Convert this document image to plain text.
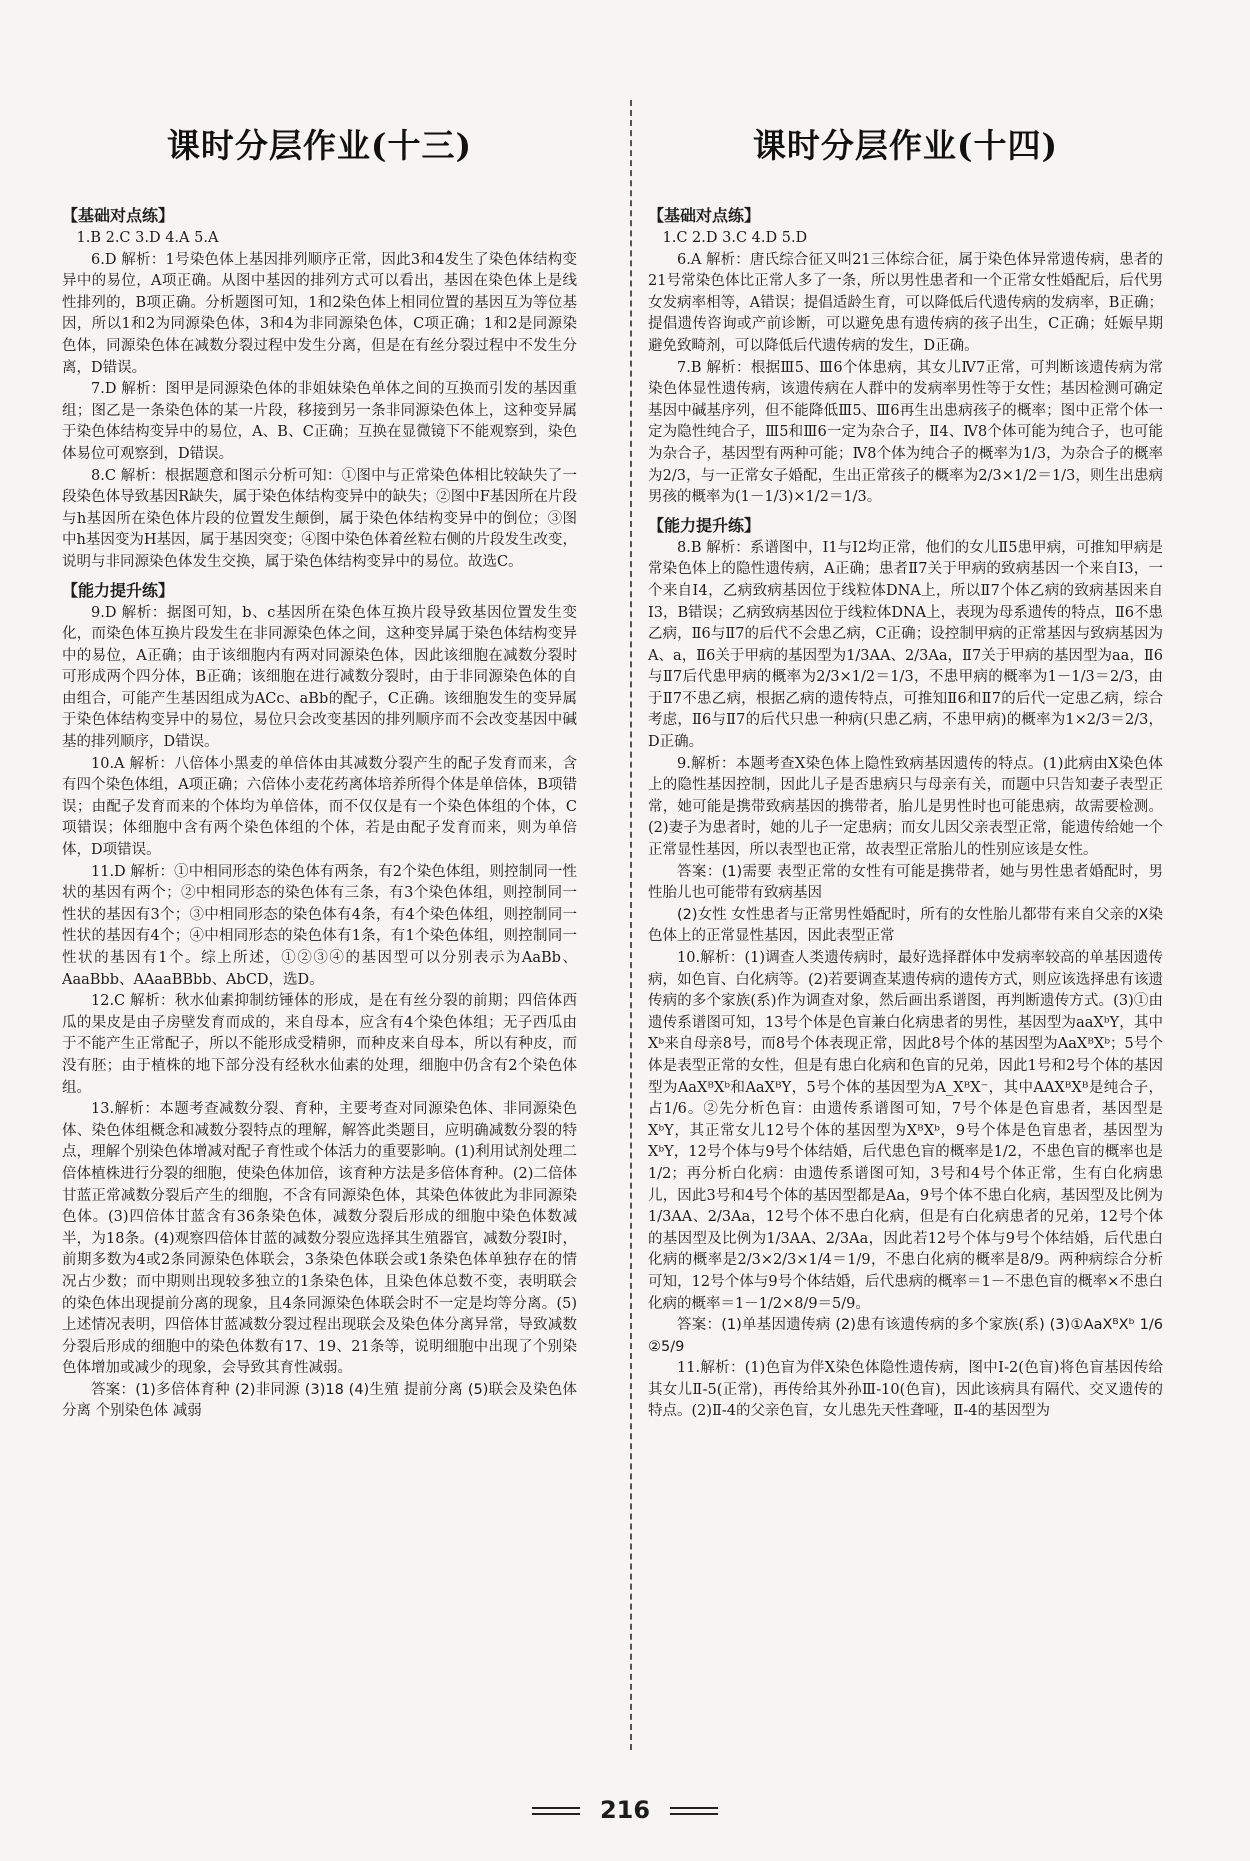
课时分层作业(十三)
【基础对点练】

1.B 2.C 3.D 4.A 5.A

6.D 解析：1号染色体上基因排列顺序正常，因此3和4发生了染色体结构变异中的易位，A项正确。从图中基因的排列方式可以看出，基因在染色体上是线性排列的，B项正确。分析题图可知，1和2染色体上相同位置的基因互为等位基因，所以1和2为同源染色体，3和4为非同源染色体，C项正确；1和2是同源染色体，同源染色体在减数分裂过程中发生分离，但是在有丝分裂过程中不发生分离，D错误。

7.D 解析：图甲是同源染色体的非姐妹染色单体之间的互换而引发的基因重组；图乙是一条染色体的某一片段，移接到另一条非同源染色体上，这种变异属于染色体结构变异中的易位，A、B、C正确；互换在显微镜下不能观察到，染色体易位可观察到，D错误。

8.C 解析：根据题意和图示分析可知：①图中与正常染色体相比较缺失了一段染色体导致基因R缺失，属于染色体结构变异中的缺失；②图中F基因所在片段与h基因所在染色体片段的位置发生颠倒，属于染色体结构变异中的倒位；③图中h基因变为H基因，属于基因突变；④图中染色体着丝粒右侧的片段发生改变，说明与非同源染色体发生交换，属于染色体结构变异中的易位。故选C。

【能力提升练】

9.D 解析：据图可知，b、c基因所在染色体互换片段导致基因位置发生变化，而染色体互换片段发生在非同源染色体之间，这种变异属于染色体结构变异中的易位，A正确；由于该细胞内有两对同源染色体，因此该细胞在减数分裂时可形成两个四分体，B正确；该细胞在进行减数分裂时，由于非同源染色体的自由组合，可能产生基因组成为ACc、aBb的配子，C正确。该细胞发生的变异属于染色体结构变异中的易位，易位只会改变基因的排列顺序而不会改变基因中碱基的排列顺序，D错误。

10.A 解析：八倍体小黑麦的单倍体由其减数分裂产生的配子发育而来，含有四个染色体组，A项正确；六倍体小麦花药离体培养所得个体是单倍体，B项错误；由配子发育而来的个体均为单倍体，而不仅仅是有一个染色体组的个体，C项错误；体细胞中含有两个染色体组的个体，若是由配子发育而来，则为单倍体，D项错误。

11.D 解析：①中相同形态的染色体有两条，有2个染色体组，则控制同一性状的基因有两个；②中相同形态的染色体有三条，有3个染色体组，则控制同一性状的基因有3个；③中相同形态的染色体有4条，有4个染色体组，则控制同一性状的基因有4个；④中相同形态的染色体有1条，有1个染色体组，则控制同一性状的基因有1个。综上所述，①②③④的基因型可以分别表示为AaBb、AaaBbb、AAaaBBbb、AbCD，选D。

12.C 解析：秋水仙素抑制纺锤体的形成，是在有丝分裂的前期；四倍体西瓜的果皮是由子房壁发育而成的，来自母本，应含有4个染色体组；无子西瓜由于不能产生正常配子，所以不能形成受精卵，而种皮来自母本，所以有种皮，而没有胚；由于植株的地下部分没有经秋水仙素的处理，细胞中仍含有2个染色体组。

13.解析：本题考查减数分裂、育种，主要考查对同源染色体、非同源染色体、染色体组概念和减数分裂特点的理解，解答此类题目，应明确减数分裂的特点，理解个别染色体增减对配子育性或个体活力的重要影响。(1)利用试剂处理二倍体植株进行分裂的细胞，使染色体加倍，该育种方法是多倍体育种。(2)二倍体甘蓝正常减数分裂后产生的细胞，不含有同源染色体，其染色体彼此为非同源染色体。(3)四倍体甘蓝含有36条染色体，减数分裂后形成的细胞中染色体数减半，为18条。(4)观察四倍体甘蓝的减数分裂应选择其生殖器官，减数分裂Ⅰ时，前期多数为4或2条同源染色体联会，3条染色体联会或1条染色体单独存在的情况占少数；而中期则出现较多独立的1条染色体，且染色体总数不变，表明联会的染色体出现提前分离的现象，且4条同源染色体联会时不一定是均等分离。(5)上述情况表明，四倍体甘蓝减数分裂过程出现联会及染色体分离异常，导致减数分裂后形成的细胞中的染色体数有17、19、21条等，说明细胞中出现了个别染色体增加或减少的现象，会导致其育性减弱。

答案：(1)多倍体育种 (2)非同源 (3)18 (4)生殖 提前分离 (5)联会及染色体分离 个别染色体 减弱

课时分层作业(十四)
【基础对点练】

1.C 2.D 3.C 4.D 5.D

6.A 解析：唐氏综合征又叫21三体综合征，属于染色体异常遗传病，患者的21号常染色体比正常人多了一条，所以男性患者和一个正常女性婚配后，后代男女发病率相等，A错误；提倡适龄生育，可以降低后代遗传病的发病率，B正确；提倡遗传咨询或产前诊断，可以避免患有遗传病的孩子出生，C正确；妊娠早期避免致畸剂，可以降低后代遗传病的发生，D正确。

7.B 解析：根据Ⅲ5、Ⅲ6个体患病，其女儿Ⅳ7正常，可判断该遗传病为常染色体显性遗传病，该遗传病在人群中的发病率男性等于女性；基因检测可确定基因中碱基序列，但不能降低Ⅲ5、Ⅲ6再生出患病孩子的概率；图中正常个体一定为隐性纯合子，Ⅲ5和Ⅲ6一定为杂合子，Ⅱ4、Ⅳ8个体可能为纯合子，也可能为杂合子，基因型有两种可能；Ⅳ8个体为纯合子的概率为1/3，为杂合子的概率为2/3，与一正常女子婚配，生出正常孩子的概率为2/3×1/2＝1/3，则生出患病男孩的概率为(1－1/3)×1/2＝1/3。

【能力提升练】

8.B 解析：系谱图中，Ⅰ1与Ⅰ2均正常，他们的女儿Ⅱ5患甲病，可推知甲病是常染色体上的隐性遗传病，A正确；患者Ⅱ7关于甲病的致病基因一个来自Ⅰ3，一个来自Ⅰ4，乙病致病基因位于线粒体DNA上，所以Ⅱ7个体乙病的致病基因来自Ⅰ3，B错误；乙病致病基因位于线粒体DNA上，表现为母系遗传的特点，Ⅱ6不患乙病，Ⅱ6与Ⅱ7的后代不会患乙病，C正确；设控制甲病的正常基因与致病基因为A、a，Ⅱ6关于甲病的基因型为1/3AA、2/3Aa，Ⅱ7关于甲病的基因型为aa，Ⅱ6与Ⅱ7后代患甲病的概率为2/3×1/2＝1/3，不患甲病的概率为1－1/3＝2/3，由于Ⅱ7不患乙病，根据乙病的遗传特点，可推知Ⅱ6和Ⅱ7的后代一定患乙病，综合考虑，Ⅱ6与Ⅱ7的后代只患一种病(只患乙病，不患甲病)的概率为1×2/3＝2/3，D正确。

9.解析：本题考查X染色体上隐性致病基因遗传的特点。(1)此病由X染色体上的隐性基因控制，因此儿子是否患病只与母亲有关，而题中只告知妻子表型正常，她可能是携带致病基因的携带者，胎儿是男性时也可能患病，故需要检测。(2)妻子为患者时，她的儿子一定患病；而女儿因父亲表型正常，能遗传给她一个正常显性基因，所以表型也正常，故表型正常胎儿的性别应该是女性。

答案：(1)需要 表型正常的女性有可能是携带者，她与男性患者婚配时，男性胎儿也可能带有致病基因

(2)女性 女性患者与正常男性婚配时，所有的女性胎儿都带有来自父亲的X染色体上的正常显性基因，因此表型正常

10.解析：(1)调查人类遗传病时，最好选择群体中发病率较高的单基因遗传病，如色盲、白化病等。(2)若要调查某遗传病的遗传方式，则应该选择患有该遗传病的多个家族(系)作为调查对象，然后画出系谱图，再判断遗传方式。(3)①由遗传系谱图可知，13号个体是色盲兼白化病患者的男性，基因型为aaXᵇY，其中Xᵇ来自母亲8号，而8号个体表现正常，因此8号个体的基因型为AaXᴮXᵇ；5号个体是表型正常的女性，但是有患白化病和色盲的兄弟，因此1号和2号个体的基因型为AaXᴮXᵇ和AaXᴮY，5号个体的基因型为A_XᴮX⁻，其中AAXᴮXᴮ是纯合子，占1/6。②先分析色盲：由遗传系谱图可知，7号个体是色盲患者，基因型是XᵇY，其正常女儿12号个体的基因型为XᴮXᵇ，9号个体是色盲患者，基因型为XᵇY，12号个体与9号个体结婚，后代患色盲的概率是1/2，不患色盲的概率也是1/2；再分析白化病：由遗传系谱图可知，3号和4号个体正常，生有白化病患儿，因此3号和4号个体的基因型都是Aa，9号个体不患白化病，基因型及比例为1/3AA、2/3Aa，12号个体不患白化病，但是有白化病患者的兄弟，12号个体的基因型及比例为1/3AA、2/3Aa，因此若12号个体与9号个体结婚，后代患白化病的概率是2/3×2/3×1/4＝1/9，不患白化病的概率是8/9。两种病综合分析可知，12号个体与9号个体结婚，后代患病的概率＝1－不患色盲的概率×不患白化病的概率＝1－1/2×8/9＝5/9。

答案：(1)单基因遗传病 (2)患有该遗传病的多个家族(系) (3)①AaXᴮXᵇ 1/6 ②5/9

11.解析：(1)色盲为伴X染色体隐性遗传病，图中Ⅰ-2(色盲)将色盲基因传给其女儿Ⅱ-5(正常)，再传给其外孙Ⅲ-10(色盲)，因此该病具有隔代、交叉遗传的特点。(2)Ⅱ-4的父亲色盲，女儿患先天性聋哑，Ⅱ-4的基因型为

216
